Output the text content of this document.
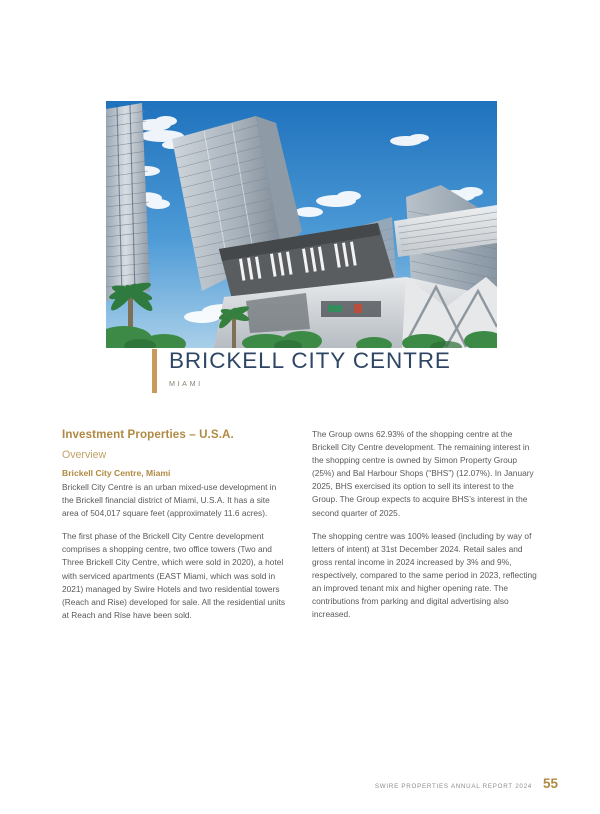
BRICKELL CITY CENTRE
MIAMI
Investment Properties – U.S.A.
Overview
Brickell City Centre, Miami

Brickell City Centre is an urban mixed-use development in the Brickell financial district of Miami, U.S.A. It has a site area of 504,017 square feet (approximately 11.6 acres).

The first phase of the Brickell City Centre development comprises a shopping centre, two office towers (Two and Three Brickell City Centre, which were sold in 2020), a hotel with serviced apartments (EAST Miami, which was sold in 2021) managed by Swire Hotels and two residential towers (Reach and Rise) developed for sale. All the residential units at Reach and Rise have been sold.

The Group owns 62.93% of the shopping centre at the Brickell City Centre development. The remaining interest in the shopping centre is owned by Simon Property Group (25%) and Bal Harbour Shops (“BHS”) (12.07%). In January 2025, BHS exercised its option to sell its interest to the Group. The Group expects to acquire BHS’s interest in the second quarter of 2025.

The shopping centre was 100% leased (including by way of letters of intent) at 31st December 2024. Retail sales and gross rental income in 2024 increased by 3% and 9%, respectively, compared to the same period in 2023, reflecting an improved tenant mix and higher opening rate. The contributions from parking and digital advertising also increased.

SWIRE PROPERTIES ANNUAL REPORT 2024 55
